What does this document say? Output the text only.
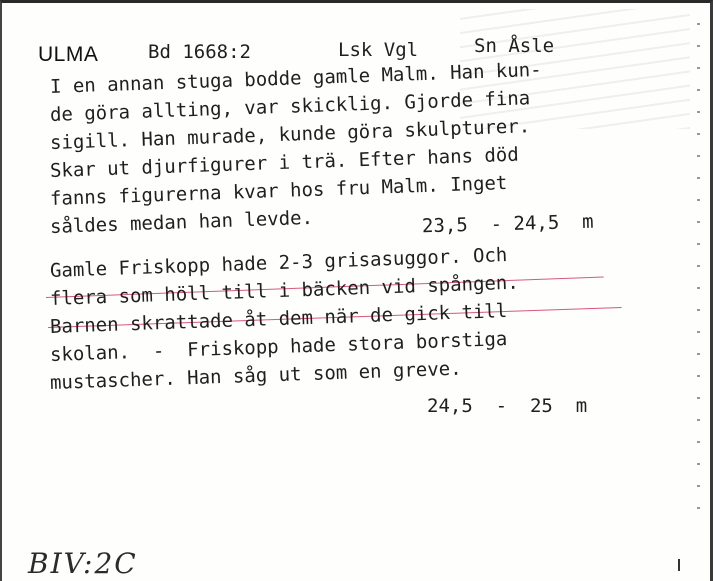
ULMA	Bd 1668:2	Lsk Vgl	Sn Åsle
I en annan stuga bodde gamle Malm. Han kun-
de göra allting, var skicklig. Gjorde fina
sigill. Han murade, kunde göra skulpturer.
Skar ut djurfigurer i trä. Efter hans död
fanns figurerna kvar hos fru Malm. Inget
såldes medan han levde.	23,5  - 24,5  m
Gamle Friskopp hade 2-3 grisasuggor. Och
flera som höll till i bäcken vid spången.
Barnen skrattade åt dem när de gick till
skolan.  -  Friskopp hade stora borstiga
mustascher. Han såg ut som en greve.
24,5  -  25  m
BIV:2C
